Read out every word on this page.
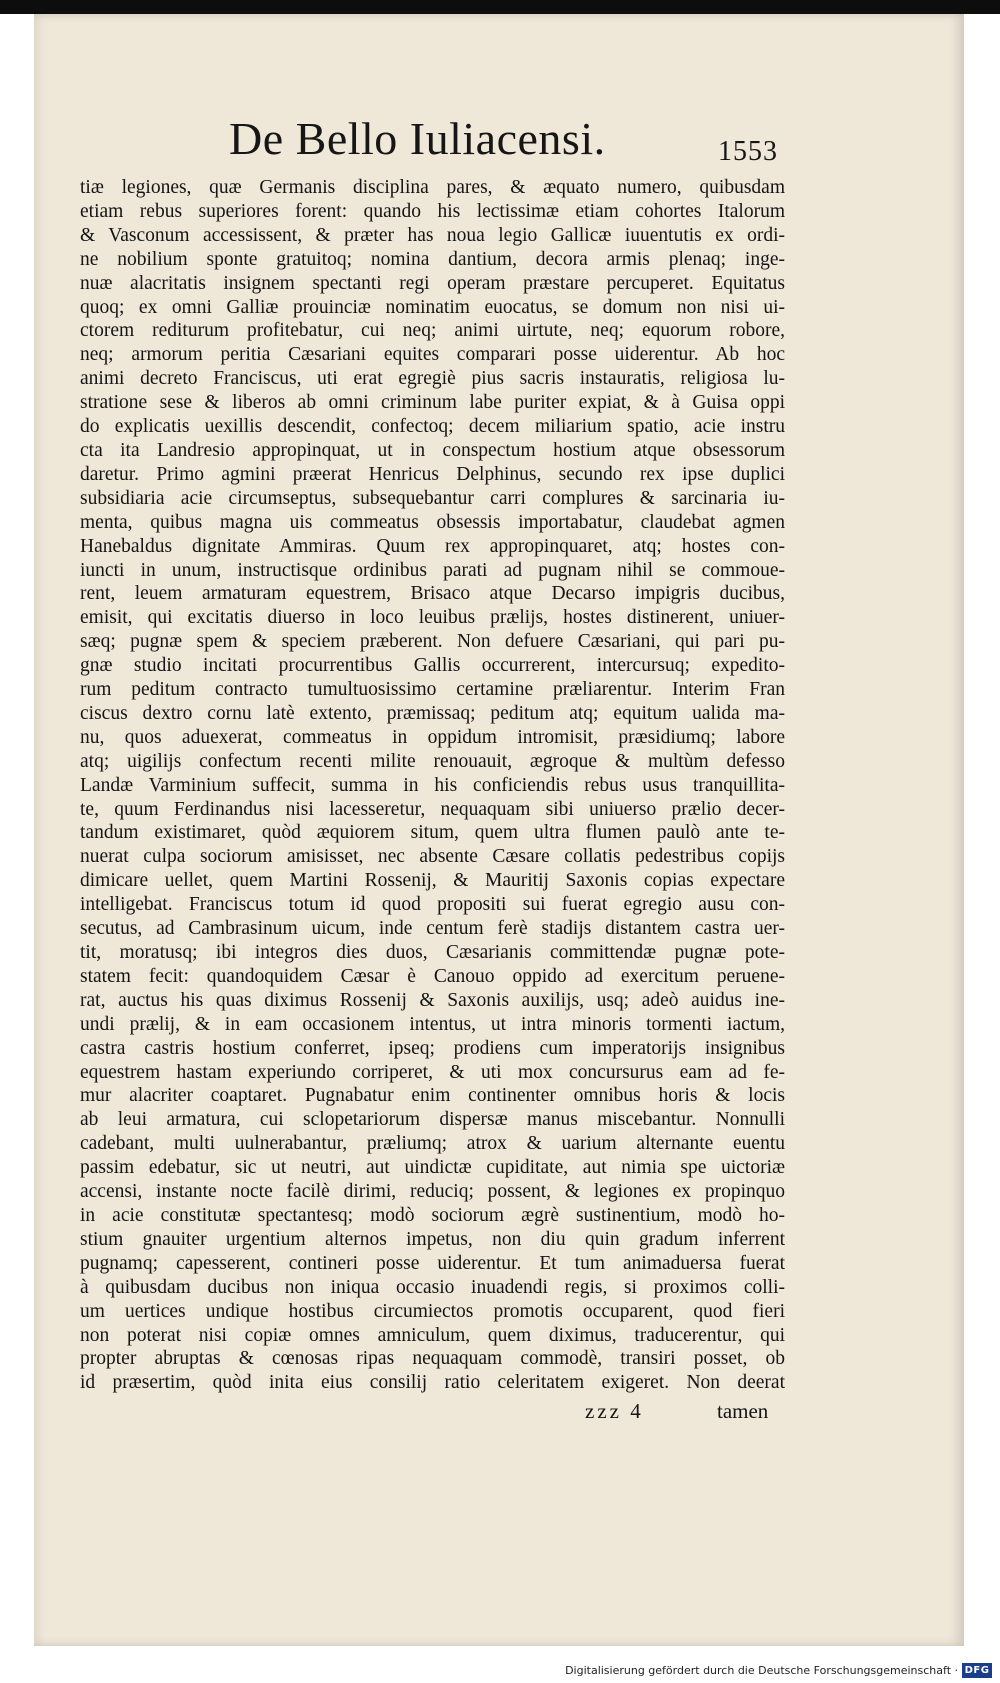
De Bello Iuliacensi.	1553
tiæ legiones, quæ Germanis disciplina pares, & æquato numero, quibusdam
etiam rebus superiores forent: quando his lectissimæ etiam cohortes Italorum
& Vasconum accessissent, & præter has noua legio Gallicæ iuuentutis ex ordi-
ne nobilium sponte gratuitoq; nomina dantium, decora armis plenaq; inge-
nuæ alacritatis insignem spectanti regi operam præstare percuperet. Equitatus
quoq; ex omni Galliæ prouinciæ nominatim euocatus, se domum non nisi ui-
ctorem rediturum profitebatur, cui neq; animi uirtute, neq; equorum robore,
neq; armorum peritia Cæsariani equites comparari posse uiderentur. Ab hoc
animi decreto Franciscus, uti erat egregiè pius sacris instauratis, religiosa lu-
stratione sese & liberos ab omni criminum labe puriter expiat, & à Guisa oppi
do explicatis uexillis descendit, confectoq; decem miliarium spatio, acie instru
cta ita Landresio appropinquat, ut in conspectum hostium atque obsessorum
daretur. Primo agmini præerat Henricus Delphinus, secundo rex ipse duplici
subsidiaria acie circumseptus, subsequebantur carri complures & sarcinaria iu-
menta, quibus magna uis commeatus obsessis importabatur, claudebat agmen
Hanebaldus dignitate Ammiras. Quum rex appropinquaret, atq; hostes con-
iuncti in unum, instructisque ordinibus parati ad pugnam nihil se commoue-
rent, leuem armaturam equestrem, Brisaco atque Decarso impigris ducibus,
emisit, qui excitatis diuerso in loco leuibus prælijs, hostes distinerent, uniuer-
sæq; pugnæ spem & speciem præberent. Non defuere Cæsariani, qui pari pu-
gnæ studio incitati procurrentibus Gallis occurrerent, intercursuq; expedito-
rum peditum contracto tumultuosissimo certamine præliarentur. Interim Fran
ciscus dextro cornu latè extento, præmissaq; peditum atq; equitum ualida ma-
nu, quos aduexerat, commeatus in oppidum intromisit, præsidiumq; labore
atq; uigilijs confectum recenti milite renouauit, ægroque & multùm defesso
Landæ Varminium suffecit, summa in his conficiendis rebus usus tranquillita-
te, quum Ferdinandus nisi lacesseretur, nequaquam sibi uniuerso prælio decer-
tandum existimaret, quòd æquiorem situm, quem ultra flumen paulò ante te-
nuerat culpa sociorum amisisset, nec absente Cæsare collatis pedestribus copijs
dimicare uellet, quem Martini Rossenij, & Mauritij Saxonis copias expectare
intelligebat. Franciscus totum id quod propositi sui fuerat egregio ausu con-
secutus, ad Cambrasinum uicum, inde centum ferè stadijs distantem castra uer-
tit, moratusq; ibi integros dies duos, Cæsarianis committendæ pugnæ pote-
statem fecit: quandoquidem Cæsar è Canouo oppido ad exercitum peruene-
rat, auctus his quas diximus Rossenij & Saxonis auxilijs, usq; adeò auidus ine-
undi prælij, & in eam occasionem intentus, ut intra minoris tormenti iactum,
castra castris hostium conferret, ipseq; prodiens cum imperatorijs insignibus
equestrem hastam experiundo corriperet, & uti mox concursurus eam ad fe-
mur alacriter coaptaret. Pugnabatur enim continenter omnibus horis & locis
ab leui armatura, cui sclopetariorum dispersæ manus miscebantur. Nonnulli
cadebant, multi uulnerabantur, præliumq; atrox & uarium alternante euentu
passim edebatur, sic ut neutri, aut uindictæ cupiditate, aut nimia spe uictoriæ
accensi, instante nocte facilè dirimi, reduciq; possent, & legiones ex propinquo
in acie constitutæ spectantesq; modò sociorum ægrè sustinentium, modò ho-
stium gnauiter urgentium alternos impetus, non diu quin gradum inferrent
pugnamq; capesserent, contineri posse uiderentur. Et tum animaduersa fuerat
à quibusdam ducibus non iniqua occasio inuadendi regis, si proximos colli-
um uertices undique hostibus circumiectos promotis occuparent, quod fieri
non poterat nisi copiæ omnes amniculum, quem diximus, traducerentur, qui
propter abruptas & cœnosas ripas nequaquam commodè, transiri posset, ob
id præsertim, quòd inita eius consilij ratio celeritatem exigeret. Non deerat
zzz 4	tamen
Digitalisierung gefördert durch die Deutsche Forschungsgemeinschaft · DFG
